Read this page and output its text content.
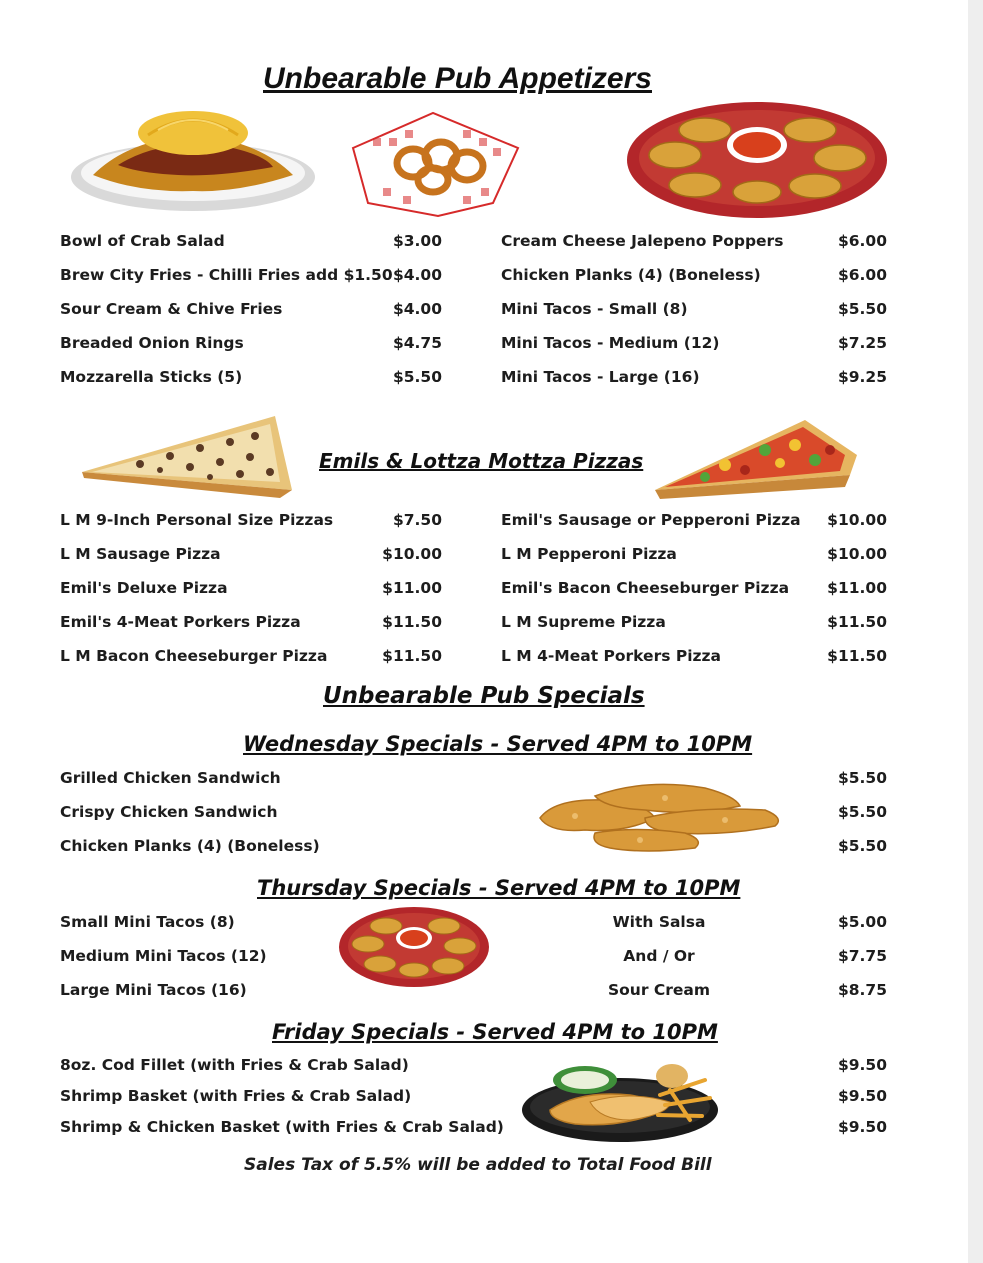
Unbearable Pub Appetizers
Bowl of Crab Salad	$3.00
Brew City Fries - Chilli Fries add $1.50 $4.00
Sour Cream & Chive Fries	$4.00
Breaded Onion Rings	$4.75
Mozzarella Sticks (5)	$5.50
Cream Cheese Jalepeno Poppers	$6.00
Chicken Planks (4) (Boneless)	$6.00
Mini Tacos - Small (8)	$5.50
Mini Tacos - Medium (12)	$7.25
Mini Tacos - Large (16)	$9.25
Emils & Lottza Mottza Pizzas
L M 9-Inch Personal Size Pizzas	$7.50
L M Sausage Pizza	$10.00
Emil's Deluxe Pizza	$11.00
Emil's 4-Meat Porkers Pizza	$11.50
L M Bacon Cheeseburger Pizza	$11.50
Emil's Sausage or Pepperoni Pizza	$10.00
L M Pepperoni Pizza	$10.00
Emil's Bacon Cheeseburger Pizza	$11.00
L M Supreme Pizza	$11.50
L M 4-Meat Porkers Pizza	$11.50
Unbearable Pub Specials
Wednesday Specials - Served 4PM to 10PM
Grilled Chicken Sandwich	$5.50
Crispy Chicken Sandwich	$5.50
Chicken Planks (4) (Boneless)	$5.50
Thursday Specials - Served 4PM to 10PM
Small Mini Tacos (8)	With Salsa	$5.00
Medium Mini Tacos (12)	And / Or	$7.75
Large Mini Tacos (16)	Sour Cream	$8.75
Friday Specials - Served 4PM to 10PM
8oz. Cod Fillet (with Fries & Crab Salad)	$9.50
Shrimp Basket (with Fries & Crab Salad)	$9.50
Shrimp & Chicken Basket (with Fries & Crab Salad)	$9.50
Sales Tax of 5.5% will be added to Total Food Bill
